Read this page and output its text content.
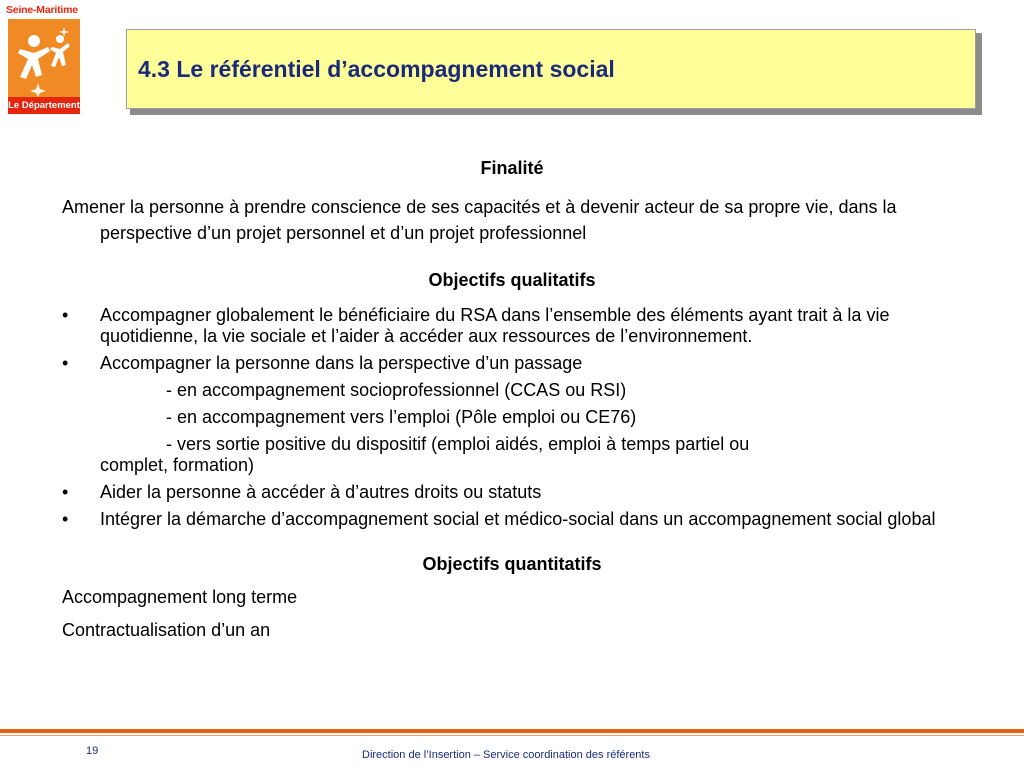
Seine-Maritime
Le Département
4.3 Le référentiel d’accompagnement social
Finalité
Amener la personne à prendre conscience de ses capacités et à devenir acteur de sa propre vie, dans la perspective d’un projet personnel et d’un projet professionnel
Objectifs qualitatifs
• Accompagner globalement le bénéficiaire du RSA dans l’ensemble des éléments ayant trait à la vie quotidienne, la vie sociale et l’aider à accéder aux ressources de l’environnement.
• Accompagner la personne dans la perspective d’un passage
- en accompagnement socioprofessionnel (CCAS ou RSI)
- en accompagnement vers l’emploi (Pôle emploi ou CE76)
- vers sortie positive du dispositif (emploi aidés, emploi à temps partiel ou
complet, formation)
• Aider la personne à accéder à d’autres droits ou statuts
• Intégrer la démarche d’accompagnement social et médico-social dans un accompagnement social global
Objectifs quantitatifs
Accompagnement long terme
Contractualisation d’un an
19	Direction de l’Insertion – Service coordination des référents
